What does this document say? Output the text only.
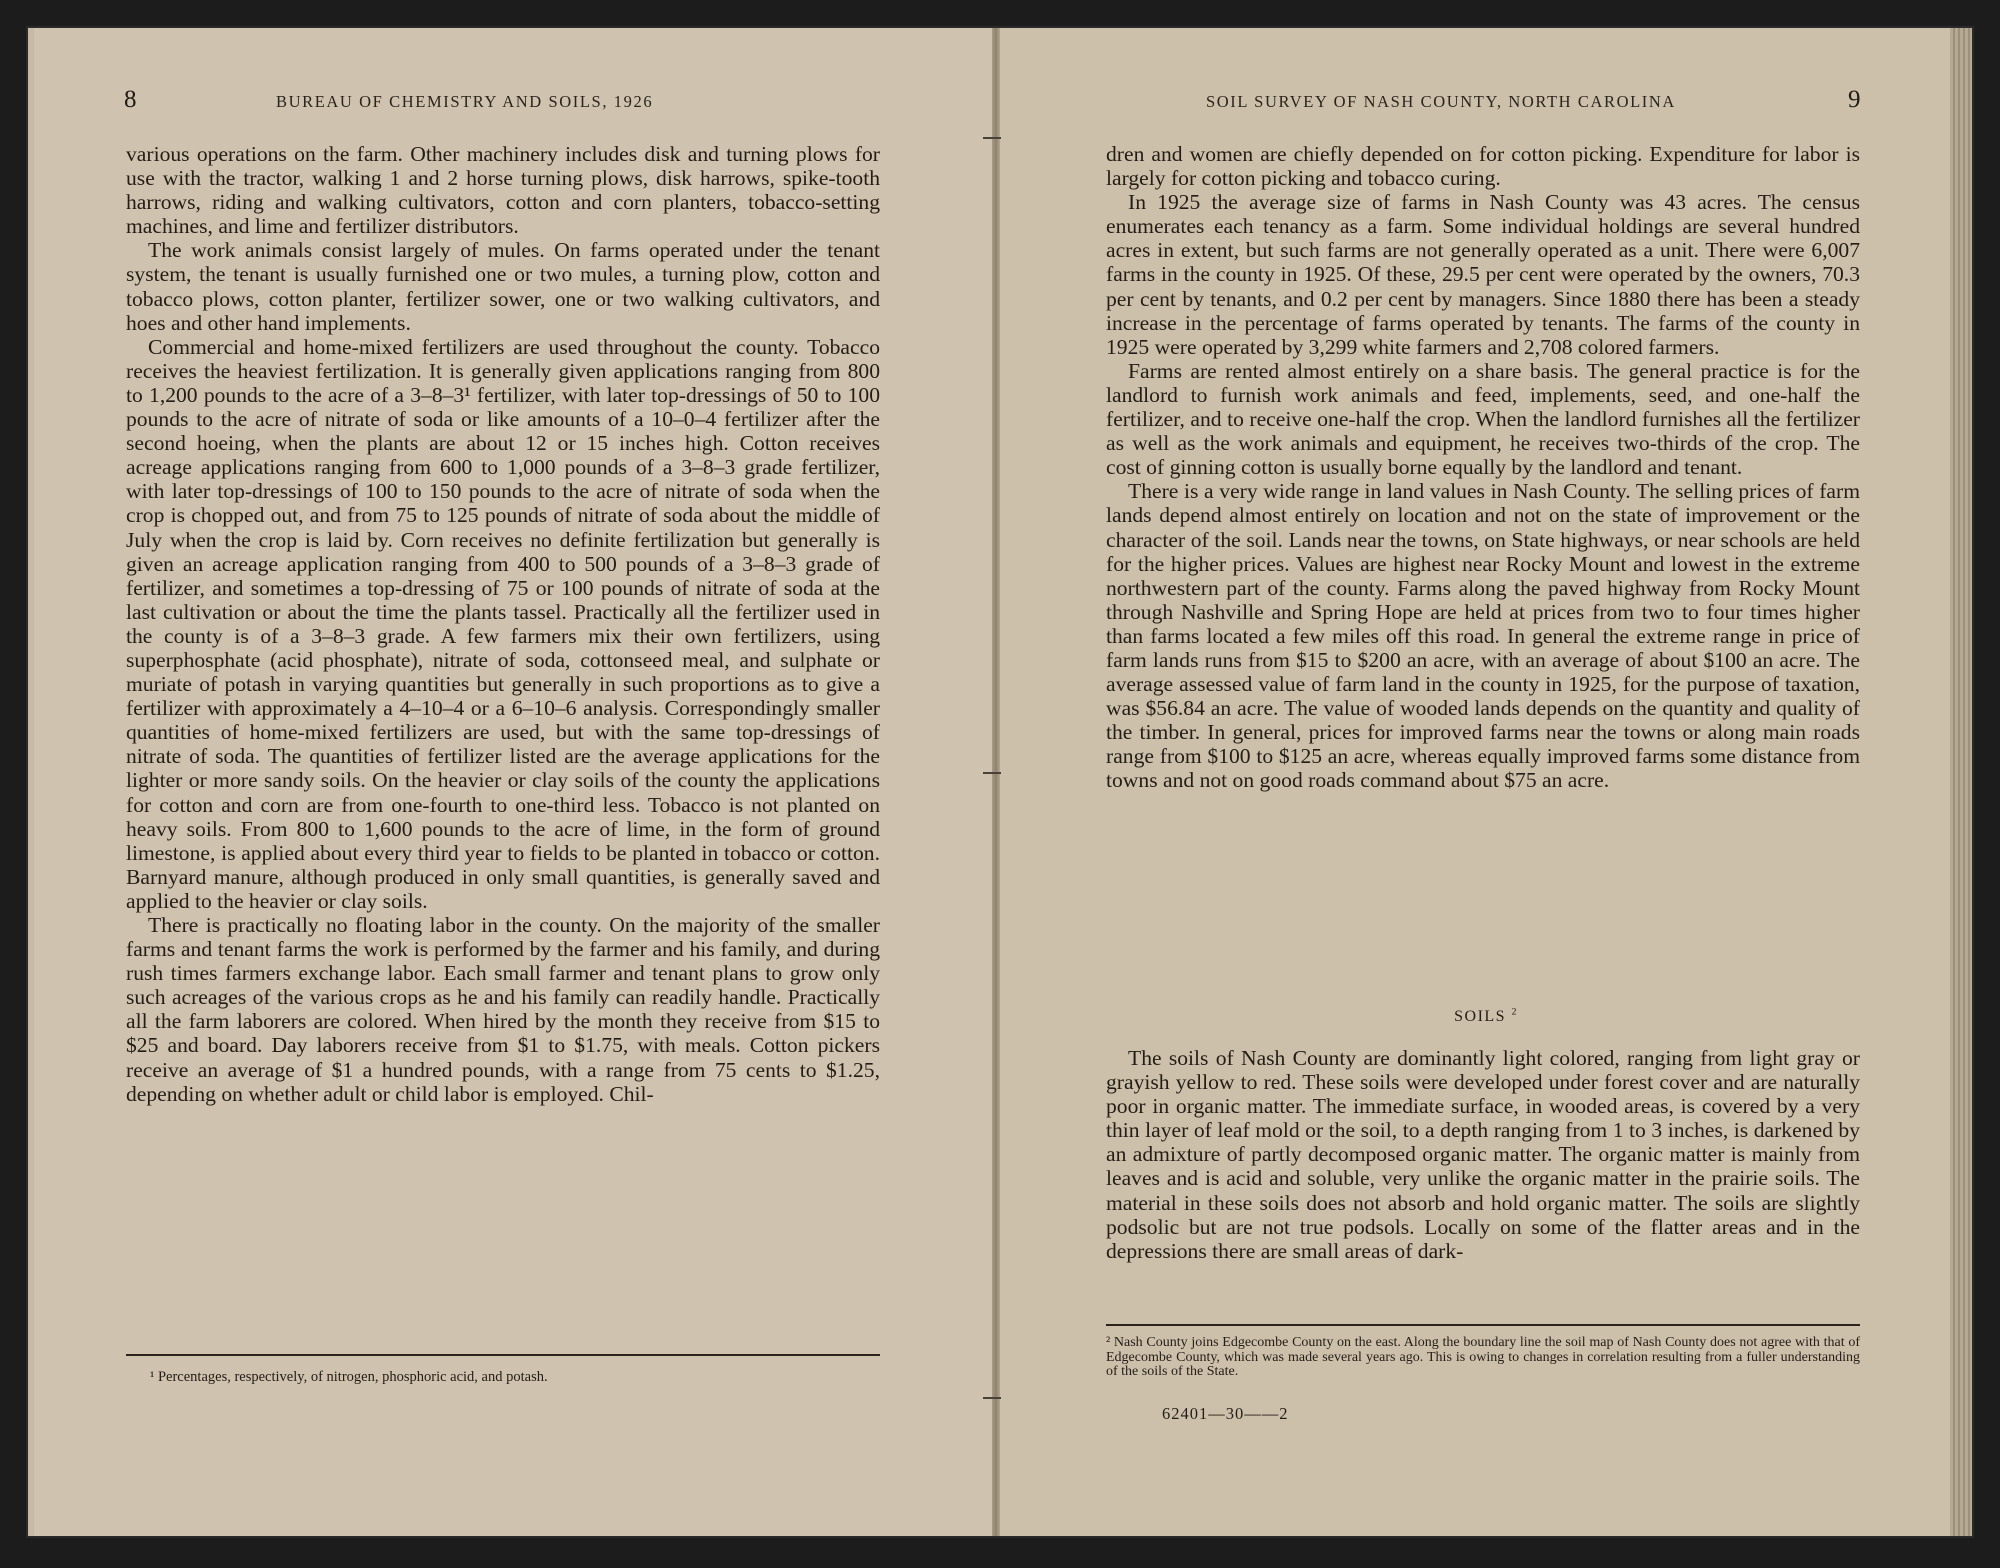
8	BUREAU OF CHEMISTRY AND SOILS, 1926

various operations on the farm. Other machinery includes disk and turning plows for use with the tractor, walking 1 and 2 horse turning plows, disk harrows, spike-tooth harrows, riding and walking cultivators, cotton and corn planters, tobacco-setting machines, and lime and fertilizer distributors.

The work animals consist largely of mules. On farms operated under the tenant system, the tenant is usually furnished one or two mules, a turning plow, cotton and tobacco plows, cotton planter, fertilizer sower, one or two walking cultivators, and hoes and other hand implements.

Commercial and home-mixed fertilizers are used throughout the county. Tobacco receives the heaviest fertilization. It is generally given applications ranging from 800 to 1,200 pounds to the acre of a 3–8–3¹ fertilizer, with later top-dressings of 50 to 100 pounds to the acre of nitrate of soda or like amounts of a 10–0–4 fertilizer after the second hoeing, when the plants are about 12 or 15 inches high. Cotton receives acreage applications ranging from 600 to 1,000 pounds of a 3–8–3 grade fertilizer, with later top-dressings of 100 to 150 pounds to the acre of nitrate of soda when the crop is chopped out, and from 75 to 125 pounds of nitrate of soda about the middle of July when the crop is laid by. Corn receives no definite fertilization but generally is given an acreage application ranging from 400 to 500 pounds of a 3–8–3 grade of fertilizer, and sometimes a top-dressing of 75 or 100 pounds of nitrate of soda at the last cultivation or about the time the plants tassel. Practically all the fertilizer used in the county is of a 3–8–3 grade. A few farmers mix their own fertilizers, using superphosphate (acid phosphate), nitrate of soda, cottonseed meal, and sulphate or muriate of potash in varying quantities but generally in such proportions as to give a fertilizer with approximately a 4–10–4 or a 6–10–6 analysis. Correspondingly smaller quantities of home-mixed fertilizers are used, but with the same top-dressings of nitrate of soda. The quantities of fertilizer listed are the average applications for the lighter or more sandy soils. On the heavier or clay soils of the county the applications for cotton and corn are from one-fourth to one-third less. Tobacco is not planted on heavy soils. From 800 to 1,600 pounds to the acre of lime, in the form of ground limestone, is applied about every third year to fields to be planted in tobacco or cotton. Barnyard manure, although produced in only small quantities, is generally saved and applied to the heavier or clay soils.

There is practically no floating labor in the county. On the majority of the smaller farms and tenant farms the work is performed by the farmer and his family, and during rush times farmers exchange labor. Each small farmer and tenant plans to grow only such acreages of the various crops as he and his family can readily handle. Practically all the farm laborers are colored. When hired by the month they receive from $15 to $25 and board. Day laborers receive from $1 to $1.75, with meals. Cotton pickers receive an average of $1 a hundred pounds, with a range from 75 cents to $1.25, depending on whether adult or child labor is employed. Chil-

¹ Percentages, respectively, of nitrogen, phosphoric acid, and potash.
SOIL SURVEY OF NASH COUNTY, NORTH CAROLINA	9

dren and women are chiefly depended on for cotton picking. Expenditure for labor is largely for cotton picking and tobacco curing.

In 1925 the average size of farms in Nash County was 43 acres. The census enumerates each tenancy as a farm. Some individual holdings are several hundred acres in extent, but such farms are not generally operated as a unit. There were 6,007 farms in the county in 1925. Of these, 29.5 per cent were operated by the owners, 70.3 per cent by tenants, and 0.2 per cent by managers. Since 1880 there has been a steady increase in the percentage of farms operated by tenants. The farms of the county in 1925 were operated by 3,299 white farmers and 2,708 colored farmers.

Farms are rented almost entirely on a share basis. The general practice is for the landlord to furnish work animals and feed, implements, seed, and one-half the fertilizer, and to receive one-half the crop. When the landlord furnishes all the fertilizer as well as the work animals and equipment, he receives two-thirds of the crop. The cost of ginning cotton is usually borne equally by the landlord and tenant.

There is a very wide range in land values in Nash County. The selling prices of farm lands depend almost entirely on location and not on the state of improvement or the character of the soil. Lands near the towns, on State highways, or near schools are held for the higher prices. Values are highest near Rocky Mount and lowest in the extreme northwestern part of the county. Farms along the paved highway from Rocky Mount through Nashville and Spring Hope are held at prices from two to four times higher than farms located a few miles off this road. In general the extreme range in price of farm lands runs from $15 to $200 an acre, with an average of about $100 an acre. The average assessed value of farm land in the county in 1925, for the purpose of taxation, was $56.84 an acre. The value of wooded lands depends on the quantity and quality of the timber. In general, prices for improved farms near the towns or along main roads range from $100 to $125 an acre, whereas equally improved farms some distance from towns and not on good roads command about $75 an acre.

SOILS $^2$

The soils of Nash County are dominantly light colored, ranging from light gray or grayish yellow to red. These soils were developed under forest cover and are naturally poor in organic matter. The immediate surface, in wooded areas, is covered by a very thin layer of leaf mold or the soil, to a depth ranging from 1 to 3 inches, is darkened by an admixture of partly decomposed organic matter. The organic matter is mainly from leaves and is acid and soluble, very unlike the organic matter in the prairie soils. The material in these soils does not absorb and hold organic matter. The soils are slightly podsolic but are not true podsols. Locally on some of the flatter areas and in the depressions there are small areas of dark-

² Nash County joins Edgecombe County on the east. Along the boundary line the soil map of Nash County does not agree with that of Edgecombe County, which was made several years ago. This is owing to changes in correlation resulting from a fuller understanding of the soils of the State.
62401—30——2
